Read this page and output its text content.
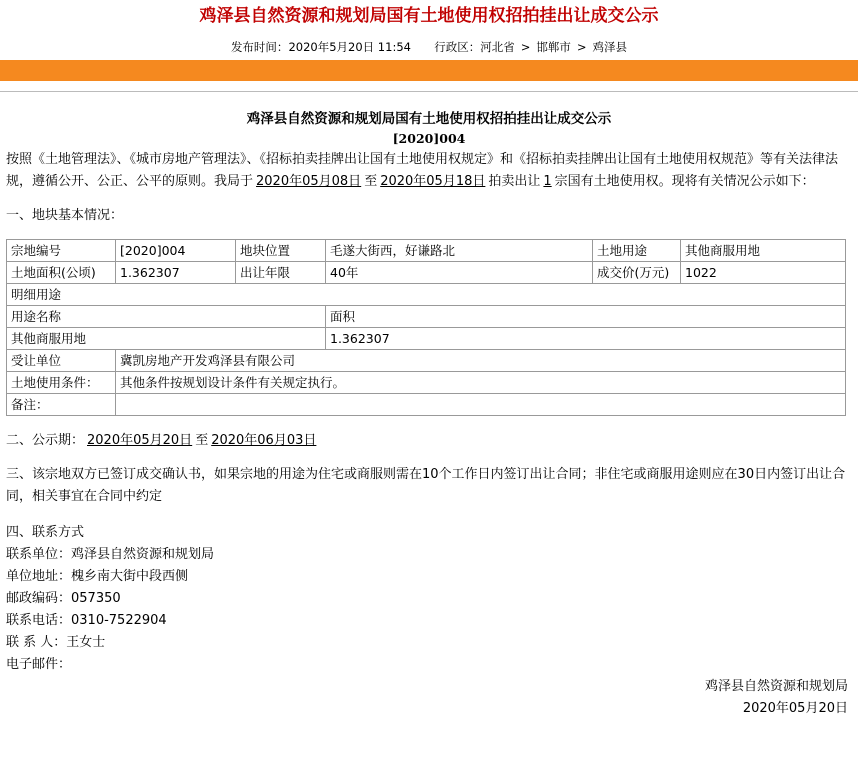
鸡泽县自然资源和规划局国有土地使用权招拍挂出让成交公示
发布时间：2020年5月20日 11:54 行政区：河北省 > 邯郸市 > 鸡泽县
鸡泽县自然资源和规划局国有土地使用权招拍挂出让成交公示
[2020]004
按照《土地管理法》、《城市房地产管理法》、《招标拍卖挂牌出让国有土地使用权规定》和《招标拍卖挂牌出让国有土地使用权规范》等有关法律法规，遵循公开、公正、公平的原则。我局于 2020年05月08日 至 2020年05月18日 拍卖出让 1 宗国有土地使用权。现将有关情况公示如下：
一、地块基本情况：
宗地编号	[2020]004	地块位置	毛遂大街西，好谦路北	土地用途	其他商服用地
土地面积(公顷)	1.362307	出让年限	40年	成交价(万元)	1022
明细用途					
用途名称			面积		
其他商服用地			1.362307		
受让单位	冀凯房地产开发鸡泽县有限公司				
土地使用条件：	其他条件按规划设计条件有关规定执行。				
备注：					
二、公示期： 2020年05月20日 至 2020年06月03日
三、该宗地双方已签订成交确认书，如果宗地的用途为住宅或商服则需在10个工作日内签订出让合同；非住宅或商服用途则应在30日内签订出让合同，相关事宜在合同中约定
四、联系方式
联系单位：鸡泽县自然资源和规划局
单位地址：槐乡南大街中段西侧
邮政编码：057350
联系电话：0310-7522904
联 系 人：王女士
电子邮件：
鸡泽县自然资源和规划局
2020年05月20日
